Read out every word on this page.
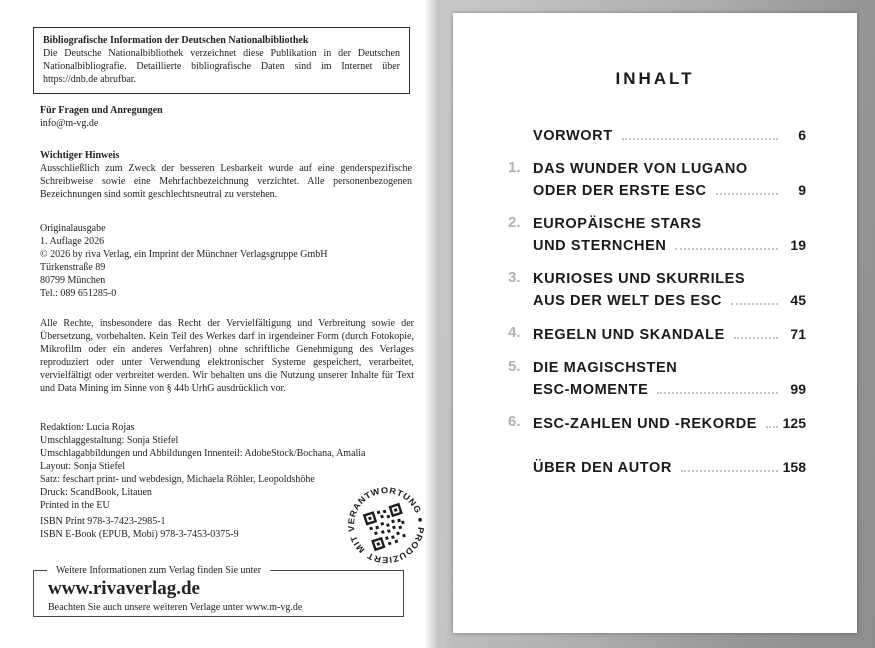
Bibliografische Information der Deutschen Nationalbibliothek
Die Deutsche Nationalbibliothek verzeichnet diese Publikation in der Deutschen Nationalbibliografie. Detaillierte bibliografische Daten sind im Internet über https://dnb.de abrufbar.
Für Fragen und Anregungen
info@m-vg.de
Wichtiger Hinweis
Ausschließlich zum Zweck der besseren Lesbarkeit wurde auf eine genderspezifische Schreibweise sowie eine Mehrfachbezeichnung verzichtet. Alle personenbezogenen Bezeichnungen sind somit geschlechtsneutral zu verstehen.
Originalausgabe
1. Auflage 2026
© 2026 by riva Verlag, ein Imprint der Münchner Verlagsgruppe GmbH
Türkenstraße 89
80799 München
Tel.: 089 651285-0
Alle Rechte, insbesondere das Recht der Vervielfältigung und Verbreitung sowie der Übersetzung, vorbehalten. Kein Teil des Werkes darf in irgendeiner Form (durch Fotokopie, Mikrofilm oder ein anderes Verfahren) ohne schriftliche Genehmigung des Verlages reproduziert oder unter Verwendung elektronischer Systeme gespeichert, verarbeitet, vervielfältigt oder verbreitet werden. Wir behalten uns die Nutzung unserer Inhalte für Text und Data Mining im Sinne von § 44b UrhG ausdrücklich vor.
Redaktion: Lucia Rojas
Umschlaggestaltung: Sonja Stiefel
Umschlagabbildungen und Abbildungen Innenteil: AdobeStock/Bochana, Amalia
Layout: Sonja Stiefel
Satz: feschart print- und webdesign, Michaela Röhler, Leopoldshöhe
Druck: ScandBook, Litauen
Printed in the EU
ISBN Print 978-3-7423-2985-1
ISBN E-Book (EPUB, Mobi) 978-3-7453-0375-9
MIT VERANTWORTUNG ● PRODUZIERT
Weitere Informationen zum Verlag finden Sie unter
www.rivaverlag.de
Beachten Sie auch unsere weiteren Verlage unter www.m-vg.de
INHALT
VORWORT	6
1. DAS WUNDER VON LUGANO
ODER DER ERSTE ESC	9
2. EUROPÄISCHE STARS
UND STERNCHEN	19
3. KURIOSES UND SKURRILES
AUS DER WELT DES ESC	45
4. REGELN UND SKANDALE	71
5. DIE MAGISCHSTEN
ESC-MOMENTE	99
6. ESC-ZAHLEN UND -REKORDE 125
ÜBER DEN AUTOR	158
